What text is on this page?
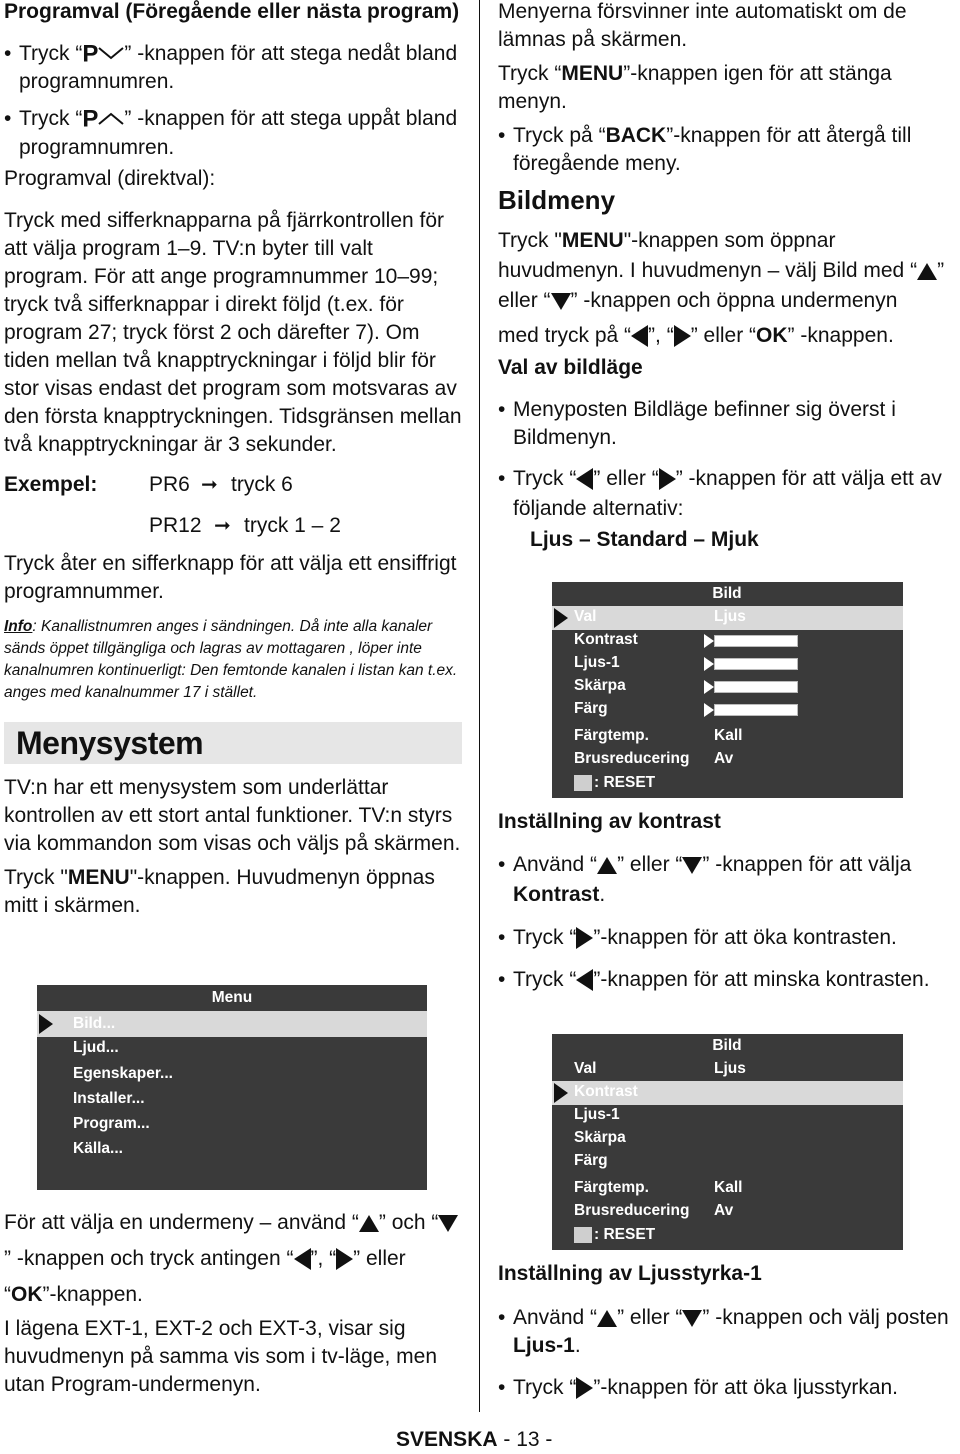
Programval (Föregående eller nästa program)
• Tryck “P ” -knappen för att stega nedåt bland programnumren.
• Tryck “P ” -knappen för att stega uppåt bland programnumren.
Programval (direktval):
Tryck med sifferknapparna på fjärrkontrollen för att välja program 1–9. TV:n byter till valt program. För att ange programnummer 10–99; tryck två sifferknappar i direkt följd (t.ex. för program 27; tryck först 2 och därefter 7). Om tiden mellan två knapptryckningar i följd blir för stor visas endast det program som motsvaras av den första knapptryckningen. Tidsgränsen mellan två knapptryckningar är 3 sekunder.
Exempel: PR6 ➞ tryck 6
PR12 ➞ tryck 1 – 2
Tryck åter en sifferknapp för att välja ett ensiffrigt programnummer.
Info: Kanallistnumren anges i sändningen. Då inte alla kanaler sänds öppet tillgängliga och lagras av mottagaren , löper inte kanalnumren kontinuerligt: Den femtonde kanalen i listan kan t.ex. anges med kanalnummer 17 i stället.
Menysystem
TV:n har ett menysystem som underlättar kontrollen av ett stort antal funktioner. TV:n styrs via kommandon som visas och väljs på skärmen.
Tryck "MENU"-knappen. Huvudmenyn öppnas mitt i skärmen.
Menu
Bild...
Ljud...
Egenskaper...
Installer...
Program...
Källa...
För att välja en undermeny – använd “ ” och “” -knappen och tryck antingen “ ”, “ ” eller “OK”-knappen.
I lägena EXT-1, EXT-2 och EXT-3, visar sig huvudmenyn på samma vis som i tv-läge, men utan Program-undermenyn.
Menyerna försvinner inte automatiskt om de lämnas på skärmen.
Tryck “MENU”-knappen igen för att stänga menyn.
• Tryck på “BACK”-knappen för att återgå till föregående meny.
Bildmeny
Tryck "MENU"-knappen som öppnar huvudmenyn. I huvudmenyn – välj Bild med “ ” eller “ ” -knappen och öppna undermenyn
med tryck på “ ”, “ ” eller “OK” -knappen.
Val av bildläge
• Menyposten Bildläge befinner sig överst i Bildmenyn.
• Tryck “ ” eller “ ” -knappen för att välja ett av följande alternativ:
Ljus – Standard – Mjuk
Bild
Val	Ljus
Kontrast
Ljus-1
Skärpa
Färg
Färgtemp.	Kall
Brusreducering Av
: RESET
Inställning av kontrast
• Använd “ ” eller “ ” -knappen för att välja Kontrast.
• Tryck “ ”-knappen för att öka kontrasten.
• Tryck “ ”-knappen för att minska kontrasten.
Bild
Val	Ljus
Kontrast
Ljus-1
Skärpa
Färg
Färgtemp.	Kall
Brusreducering Av
: RESET
Inställning av Ljusstyrka-1
• Använd “ ” eller “ ” -knappen och välj posten Ljus-1.
• Tryck “ ”-knappen för att öka ljusstyrkan.
SVENSKA - 13 -
